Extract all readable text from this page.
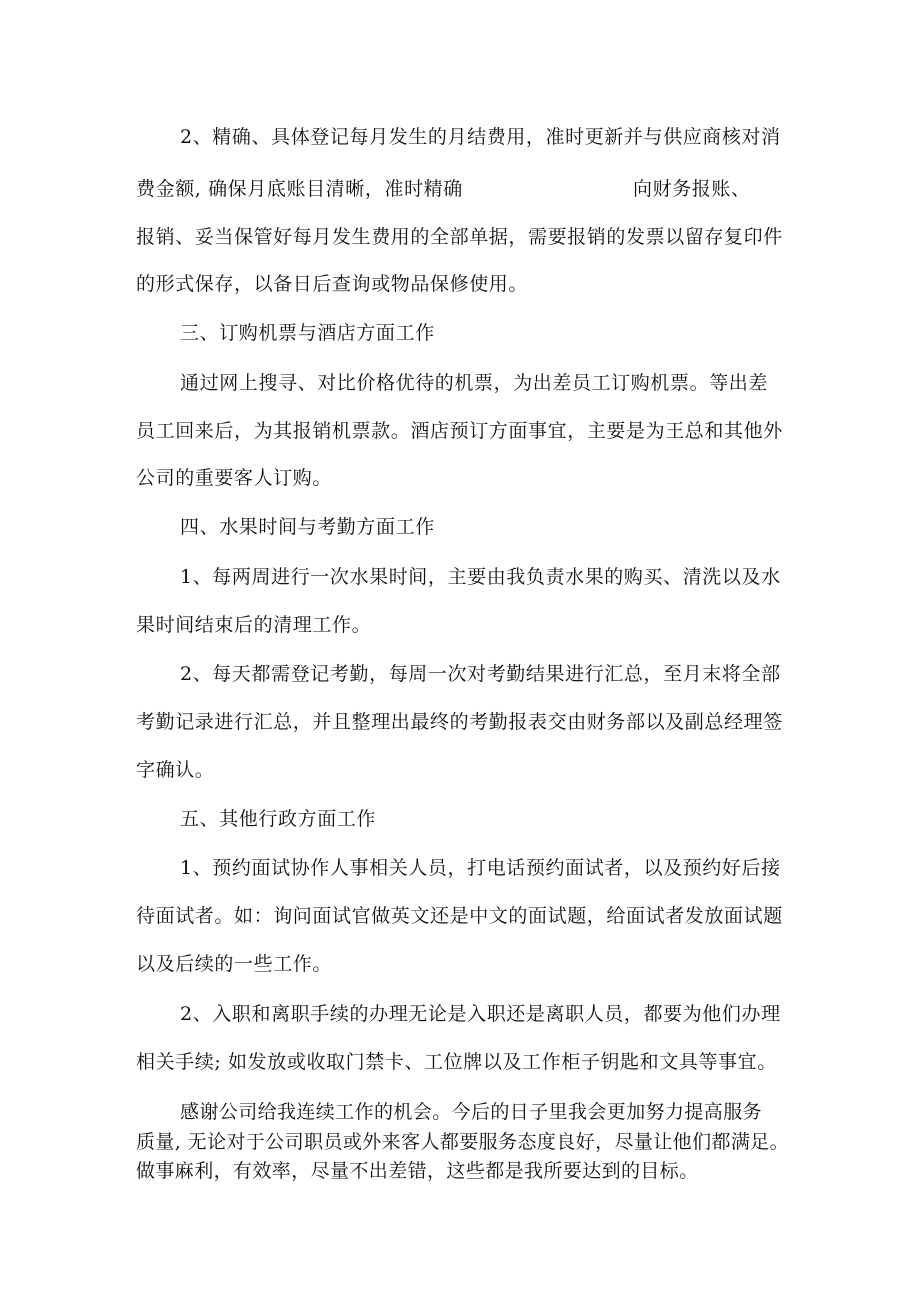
2、精确、具体登记每月发生的月结费用，准时更新并与供应商核对消
费金额, 确保月底账目清晰，准时精确	向财务报账、
报销、妥当保管好每月发生费用的全部单据，需要报销的发票以留存复印件
的形式保存，以备日后查询或物品保修使用。
三、订购机票与酒店方面工作
通过网上搜寻、对比价格优待的机票，为出差员工订购机票。等出差
员工回来后，为其报销机票款。酒店预订方面事宜，主要是为王总和其他外
公司的重要客人订购。
四、水果时间与考勤方面工作
1、每两周进行一次水果时间，主要由我负责水果的购买、清洗以及水
果时间结束后的清理工作。
2、每天都需登记考勤，每周一次对考勤结果进行汇总，至月末将全部
考勤记录进行汇总，并且整理出最终的考勤报表交由财务部以及副总经理签
字确认。
五、其他行政方面工作
1、预约面试协作人事相关人员，打电话预约面试者，以及预约好后接
待面试者。如：询问面试官做英文还是中文的面试题，给面试者发放面试题
以及后续的一些工作。
2、入职和离职手续的办理无论是入职还是离职人员，都要为他们办理
相关手续; 如发放或收取门禁卡、工位牌以及工作柜子钥匙和文具等事宜。
感谢公司给我连续工作的机会。今后的日子里我会更加努力提高服务
质量, 无论对于公司职员或外来客人都要服务态度良好，尽量让他们都满足。
做事麻利，有效率，尽量不出差错，这些都是我所要达到的目标。
